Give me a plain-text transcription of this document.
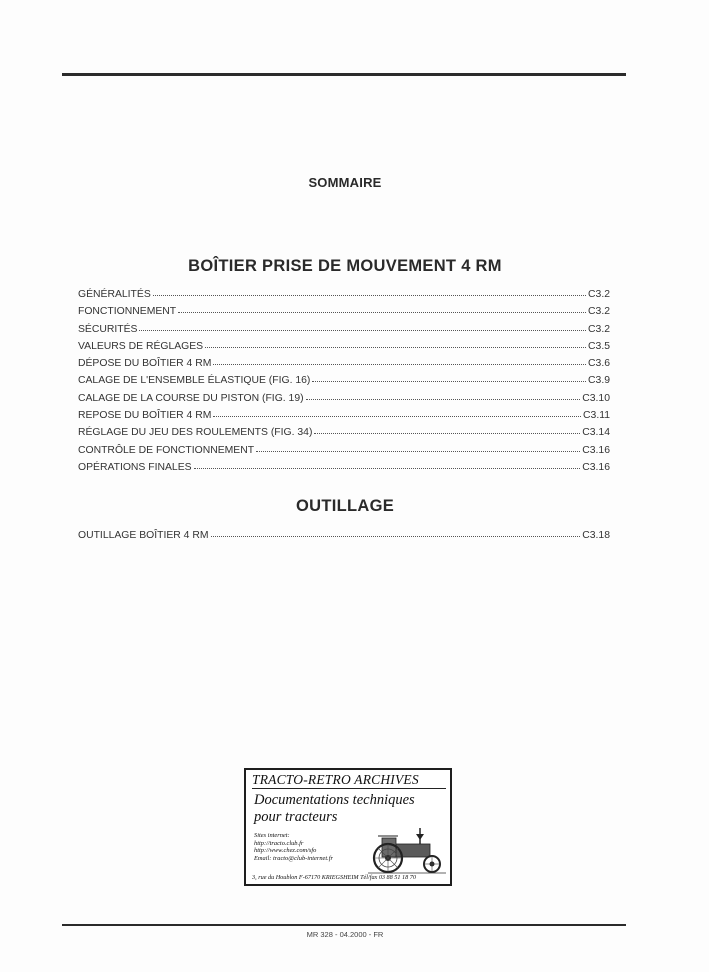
SOMMAIRE
BOÎTIER PRISE DE MOUVEMENT 4 RM
GÉNÉRALITÉS	C3.2
FONCTIONNEMENT	C3.2
SÉCURITÉS	C3.2
VALEURS DE RÉGLAGES	C3.5
DÉPOSE DU BOÎTIER 4 RM	C3.6
CALAGE DE L'ENSEMBLE ÉLASTIQUE (FIG. 16)	C3.9
CALAGE DE LA COURSE DU PISTON (FIG. 19)	C3.10
REPOSE DU BOÎTIER 4 RM	C3.11
RÉGLAGE DU JEU DES ROULEMENTS (FIG. 34)	C3.14
CONTRÔLE DE FONCTIONNEMENT	C3.16
OPÉRATIONS FINALES	C3.16
OUTILLAGE
OUTILLAGE BOÎTIER 4 RM	C3.18
TRACTO-RETRO ARCHIVES
Documentations techniques
pour tracteurs
Sites internet:
http://tracto.club.fr
http://www.chez.com/sfo
Email: tracto@club-internet.fr
3, rue du Houblon F-67170 KRIEGSHEIM Tél/fax 03 88 51 18 70
MR 328 - 04.2000 - FR
